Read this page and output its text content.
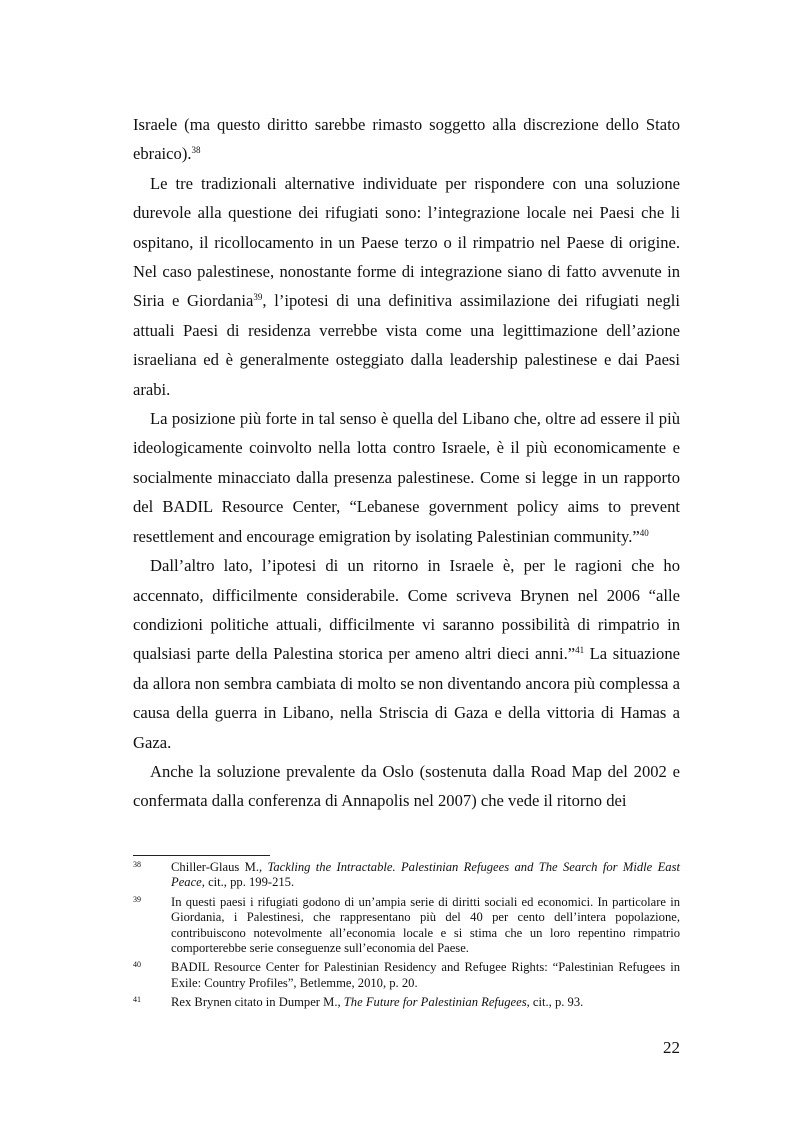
Israele (ma questo diritto sarebbe rimasto soggetto alla discrezione dello Stato ebraico).$^{38}$

Le tre tradizionali alternative individuate per rispondere con una soluzione durevole alla questione dei rifugiati sono: l’integrazione locale nei Paesi che li ospitano, il ricollocamento in un Paese terzo o il rimpatrio nel Paese di origine. Nel caso palestinese, nonostante forme di integrazione siano di fatto avvenute in Siria e Giordania$^{39}$, l’ipotesi di una definitiva assimilazione dei rifugiati negli attuali Paesi di residenza verrebbe vista come una legittimazione dell’azione israeliana ed è generalmente osteggiato dalla leadership palestinese e dai Paesi arabi.

La posizione più forte in tal senso è quella del Libano che, oltre ad essere il più ideologicamente coinvolto nella lotta contro Israele, è il più economicamente e socialmente minacciato dalla presenza palestinese. Come si legge in un rapporto del BADIL Resource Center, “Lebanese government policy aims to prevent resettlement and encourage emigration by isolating Palestinian community.”$^{40}$

Dall’altro lato, l’ipotesi di un ritorno in Israele è, per le ragioni che ho accennato, difficilmente considerabile. Come scriveva Brynen nel 2006 “alle condizioni politiche attuali, difficilmente vi saranno possibilità di rimpatrio in qualsiasi parte della Palestina storica per ameno altri dieci anni.”$^{41}$ La situazione da allora non sembra cambiata di molto se non diventando ancora più complessa a causa della guerra in Libano, nella Striscia di Gaza e della vittoria di Hamas a Gaza.

Anche la soluzione prevalente da Oslo (sostenuta dalla Road Map del 2002 e confermata dalla conferenza di Annapolis nel 2007) che vede il ritorno dei

38	Chiller-Glaus M., Tackling the Intractable. Palestinian Refugees and The Search for Midle East Peace, cit., pp. 199-215.
39	In questi paesi i rifugiati godono di un’ampia serie di diritti sociali ed economici. In particolare in Giordania, i Palestinesi, che rappresentano più del 40 per cento dell’intera popolazione, contribuiscono notevolmente all’economia locale e si stima che un loro repentino rimpatrio comporterebbe serie conseguenze sull’economia del Paese.
40	BADIL Resource Center for Palestinian Residency and Refugee Rights: “Palestinian Refugees in Exile: Country Profiles”, Betlemme, 2010, p. 20.
41	Rex Brynen citato in Dumper M., The Future for Palestinian Refugees, cit., p. 93.
22
